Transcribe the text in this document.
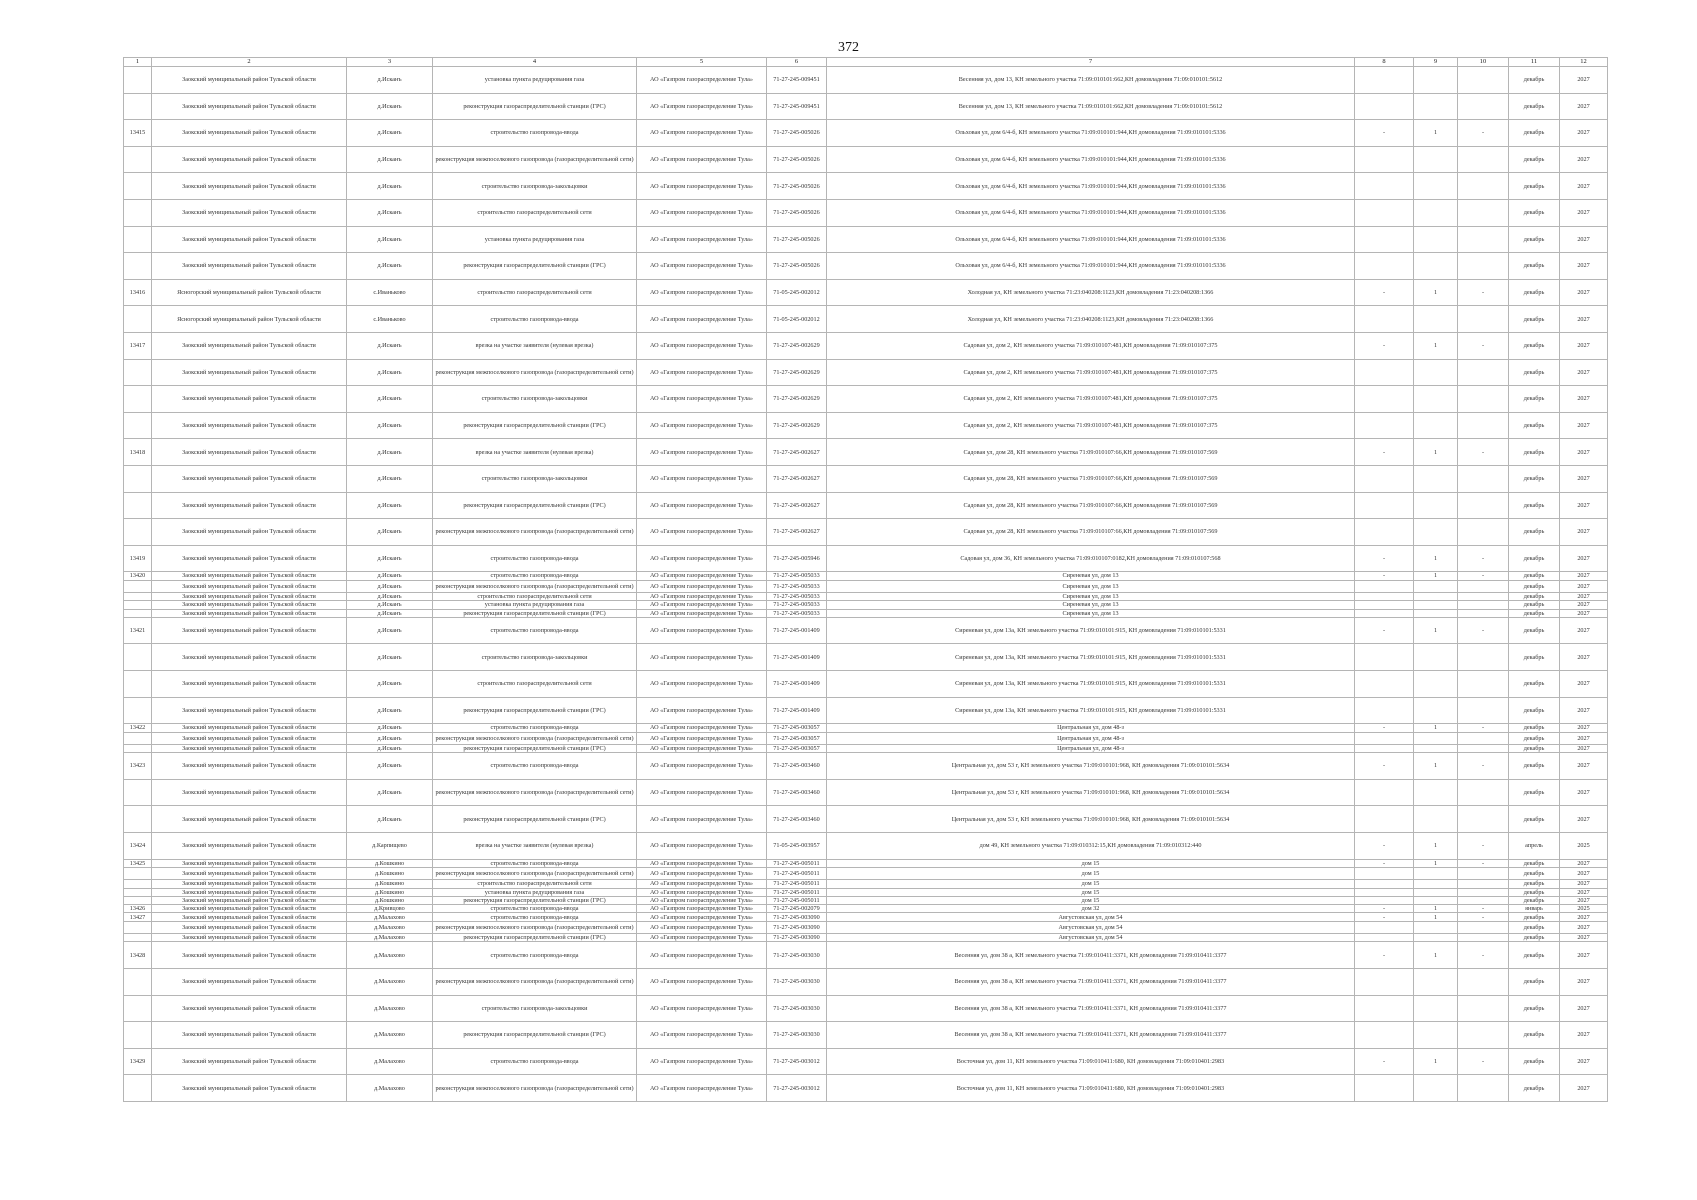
372
1	2	3	4	5	6	7	8	9	10	11	12
	Заокский муниципальный район Тульской области	д.Исканъ	установка пункта редуцирования газа	АО «Газпром газораспределение Тула»	71-27-245-009451	Весенняя ул, дом 13, КН земельного участка 71:09:010101:662,КН домовладения 71:09:010101:5612				декабрь	2027
	Заокский муниципальный район Тульской области	д.Исканъ	реконструкция газораспределительной станции (ГРС)	АО «Газпром газораспределение Тула»	71-27-245-009451	Весенняя ул, дом 13, КН земельного участка 71:09:010101:662,КН домовладения 71:09:010101:5612				декабрь	2027
13415	Заокский муниципальный район Тульской области	д.Исканъ	строительство газопровода-ввода	АО «Газпром газораспределение Тула»	71-27-245-005026	Ольховая ул, дом 6/4-б, КН земельного участка 71:09:010101:944,КН домовладения 71:09:010101:5336	-	1	-	декабрь	2027
	Заокский муниципальный район Тульской области	д.Исканъ	реконструкция межпоселкового газопровода (газораспределительной сети)	АО «Газпром газораспределение Тула»	71-27-245-005026	Ольховая ул, дом 6/4-б, КН земельного участка 71:09:010101:944,КН домовладения 71:09:010101:5336				декабрь	2027
	Заокский муниципальный район Тульской области	д.Исканъ	строительство газопровода-закольцовки	АО «Газпром газораспределение Тула»	71-27-245-005026	Ольховая ул, дом 6/4-б, КН земельного участка 71:09:010101:944,КН домовладения 71:09:010101:5336				декабрь	2027
	Заокский муниципальный район Тульской области	д.Исканъ	строительство газораспределительной сети	АО «Газпром газораспределение Тула»	71-27-245-005026	Ольховая ул, дом 6/4-б, КН земельного участка 71:09:010101:944,КН домовладения 71:09:010101:5336				декабрь	2027
	Заокский муниципальный район Тульской области	д.Исканъ	установка пункта редуцирования газа	АО «Газпром газораспределение Тула»	71-27-245-005026	Ольховая ул, дом 6/4-б, КН земельного участка 71:09:010101:944,КН домовладения 71:09:010101:5336				декабрь	2027
	Заокский муниципальный район Тульской области	д.Исканъ	реконструкция газораспределительной станции (ГРС)	АО «Газпром газораспределение Тула»	71-27-245-005026	Ольховая ул, дом 6/4-б, КН земельного участка 71:09:010101:944,КН домовладения 71:09:010101:5336				декабрь	2027
13416	Ясногорский муниципальный район Тульской области	с.Иваньково	строительство газораспределительной сети	АО «Газпром газораспределение Тула»	71-05-245-002012	Холодная ул, КН земельного участка 71:23:040208:1123,КН домовладения 71:23:040208:1366	-	1	-	декабрь	2027
	Ясногорский муниципальный район Тульской области	с.Иваньково	строительство газопровода-ввода	АО «Газпром газораспределение Тула»	71-05-245-002012	Холодная ул, КН земельного участка 71:23:040208:1123,КН домовладения 71:23:040208:1366				декабрь	2027
13417	Заокский муниципальный район Тульской области	д.Исканъ	врезка на участке заявителя (нулевая врезка)	АО «Газпром газораспределение Тула»	71-27-245-002629	Садовая ул, дом 2, КН земельного участка 71:09:010107:481,КН домовладения 71:09:010107:375	-	1	-	декабрь	2027
	Заокский муниципальный район Тульской области	д.Исканъ	реконструкция межпоселкового газопровода (газораспределительной сети)	АО «Газпром газораспределение Тула»	71-27-245-002629	Садовая ул, дом 2, КН земельного участка 71:09:010107:481,КН домовладения 71:09:010107:375				декабрь	2027
	Заокский муниципальный район Тульской области	д.Исканъ	строительство газопровода-закольцовки	АО «Газпром газораспределение Тула»	71-27-245-002629	Садовая ул, дом 2, КН земельного участка 71:09:010107:481,КН домовладения 71:09:010107:375				декабрь	2027
	Заокский муниципальный район Тульской области	д.Исканъ	реконструкция газораспределительной станции (ГРС)	АО «Газпром газораспределение Тула»	71-27-245-002629	Садовая ул, дом 2, КН земельного участка 71:09:010107:481,КН домовладения 71:09:010107:375				декабрь	2027
13418	Заокский муниципальный район Тульской области	д.Исканъ	врезка на участке заявителя (нулевая врезка)	АО «Газпром газораспределение Тула»	71-27-245-002627	Садовая ул, дом 28, КН земельного участка 71:09:010107:66,КН домовладения 71:09:010107:569	-	1	-	декабрь	2027
	Заокский муниципальный район Тульской области	д.Исканъ	строительство газопровода-закольцовки	АО «Газпром газораспределение Тула»	71-27-245-002627	Садовая ул, дом 28, КН земельного участка 71:09:010107:66,КН домовладения 71:09:010107:569				декабрь	2027
	Заокский муниципальный район Тульской области	д.Исканъ	реконструкция газораспределительной станции (ГРС)	АО «Газпром газораспределение Тула»	71-27-245-002627	Садовая ул, дом 28, КН земельного участка 71:09:010107:66,КН домовладения 71:09:010107:569				декабрь	2027
	Заокский муниципальный район Тульской области	д.Исканъ	реконструкция межпоселкового газопровода (газораспределительной сети)	АО «Газпром газораспределение Тула»	71-27-245-002627	Садовая ул, дом 28, КН земельного участка 71:09:010107:66,КН домовладения 71:09:010107:569				декабрь	2027
13419	Заокский муниципальный район Тульской области	д.Исканъ	строительство газопровода-ввода	АО «Газпром газораспределение Тула»	71-27-245-005946	Садовая ул, дом 36, КН земельного участка 71:09:010107:0182,КН домовладения 71:09:010107:568	-	1	-	декабрь	2027
13420	Заокский муниципальный район Тульской области	д.Исканъ	строительство газопровода-ввода	АО «Газпром газораспределение Тула»	71-27-245-005033	Сиреневая ул, дом 13	-	1	-	декабрь	2027
	Заокский муниципальный район Тульской области	д.Исканъ	реконструкция межпоселкового газопровода (газораспределительной сети)	АО «Газпром газораспределение Тула»	71-27-245-005033	Сиреневая ул, дом 13				декабрь	2027
	Заокский муниципальный район Тульской области	д.Исканъ	строительство газораспределительной сети	АО «Газпром газораспределение Тула»	71-27-245-005033	Сиреневая ул, дом 13				декабрь	2027
	Заокский муниципальный район Тульской области	д.Исканъ	установка пункта редуцирования газа	АО «Газпром газораспределение Тула»	71-27-245-005033	Сиреневая ул, дом 13				декабрь	2027
	Заокский муниципальный район Тульской области	д.Исканъ	реконструкция газораспределительной станции (ГРС)	АО «Газпром газораспределение Тула»	71-27-245-005033	Сиреневая ул, дом 13				декабрь	2027
13421	Заокский муниципальный район Тульской области	д.Исканъ	строительство газопровода-ввода	АО «Газпром газораспределение Тула»	71-27-245-001409	Сиреневая ул, дом 13а, КН земельного участка 71:09:010101:915, КН домовладения 71:09:010101:5331	-	1	-	декабрь	2027
	Заокский муниципальный район Тульской области	д.Исканъ	строительство газопровода-закольцовки	АО «Газпром газораспределение Тула»	71-27-245-001409	Сиреневая ул, дом 13а, КН земельного участка 71:09:010101:915, КН домовладения 71:09:010101:5331				декабрь	2027
	Заокский муниципальный район Тульской области	д.Исканъ	строительство газораспределительной сети	АО «Газпром газораспределение Тула»	71-27-245-001409	Сиреневая ул, дом 13а, КН земельного участка 71:09:010101:915, КН домовладения 71:09:010101:5331				декабрь	2027
	Заокский муниципальный район Тульской области	д.Исканъ	реконструкция газораспределительной станции (ГРС)	АО «Газпром газораспределение Тула»	71-27-245-001409	Сиреневая ул, дом 13а, КН земельного участка 71:09:010101:915, КН домовладения 71:09:010101:5331				декабрь	2027
13422	Заокский муниципальный район Тульской области	д.Исканъ	строительство газопровода-ввода	АО «Газпром газораспределение Тула»	71-27-245-003057	Центральная ул, дом 48-з	-	1	-	декабрь	2027
	Заокский муниципальный район Тульской области	д.Исканъ	реконструкция межпоселкового газопровода (газораспределительной сети)	АО «Газпром газораспределение Тула»	71-27-245-003057	Центральная ул, дом 48-з				декабрь	2027
	Заокский муниципальный район Тульской области	д.Исканъ	реконструкция газораспределительной станции (ГРС)	АО «Газпром газораспределение Тула»	71-27-245-003057	Центральная ул, дом 48-з				декабрь	2027
13423	Заокский муниципальный район Тульской области	д.Исканъ	строительство газопровода-ввода	АО «Газпром газораспределение Тула»	71-27-245-003460	Центральная ул, дом 53 г, КН земельного участка 71:09:010101:968, КН домовладения 71:09:010101:5634	-	1	-	декабрь	2027
	Заокский муниципальный район Тульской области	д.Исканъ	реконструкция межпоселкового газопровода (газораспределительной сети)	АО «Газпром газораспределение Тула»	71-27-245-003460	Центральная ул, дом 53 г, КН земельного участка 71:09:010101:968, КН домовладения 71:09:010101:5634				декабрь	2027
	Заокский муниципальный район Тульской области	д.Исканъ	реконструкция газораспределительной станции (ГРС)	АО «Газпром газораспределение Тула»	71-27-245-003460	Центральная ул, дом 53 г, КН земельного участка 71:09:010101:968, КН домовладения 71:09:010101:5634				декабрь	2027
13424	Заокский муниципальный район Тульской области	д.Карпищево	врезка на участке заявителя (нулевая врезка)	АО «Газпром газораспределение Тула»	71-05-245-003957	дом 49, КН земельного участка 71:09:010312:15,КН домовладения 71:09:010312:440	-	1	-	апрель	2025
13425	Заокский муниципальный район Тульской области	д.Кошкино	строительство газопровода-ввода	АО «Газпром газораспределение Тула»	71-27-245-005011	дом 15	-	1	-	декабрь	2027
	Заокский муниципальный район Тульской области	д.Кошкино	реконструкция межпоселкового газопровода (газораспределительной сети)	АО «Газпром газораспределение Тула»	71-27-245-005011	дом 15				декабрь	2027
	Заокский муниципальный район Тульской области	д.Кошкино	строительство газораспределительной сети	АО «Газпром газораспределение Тула»	71-27-245-005011	дом 15				декабрь	2027
	Заокский муниципальный район Тульской области	д.Кошкино	установка пункта редуцирования газа	АО «Газпром газораспределение Тула»	71-27-245-005011	дом 15				декабрь	2027
	Заокский муниципальный район Тульской области	д.Кошкино	реконструкция газораспределительной станции (ГРС)	АО «Газпром газораспределение Тула»	71-27-245-005011	дом 15				декабрь	2027
13426	Заокский муниципальный район Тульской области	д.Кривцово	строительство газопровода-ввода	АО «Газпром газораспределение Тула»	71-27-245-002079	дом 32	-	1	-	январь	2025
13427	Заокский муниципальный район Тульской области	д.Малахово	строительство газопровода-ввода	АО «Газпром газораспределение Тула»	71-27-245-003090	Августовская ул, дом 54	-	1	-	декабрь	2027
	Заокский муниципальный район Тульской области	д.Малахово	реконструкция межпоселкового газопровода (газораспределительной сети)	АО «Газпром газораспределение Тула»	71-27-245-003090	Августовская ул, дом 54				декабрь	2027
	Заокский муниципальный район Тульской области	д.Малахово	реконструкция газораспределительной станции (ГРС)	АО «Газпром газораспределение Тула»	71-27-245-003090	Августовская ул, дом 54				декабрь	2027
13428	Заокский муниципальный район Тульской области	д.Малахово	строительство газопровода-ввода	АО «Газпром газораспределение Тула»	71-27-245-003030	Весенняя ул, дом 38 а, КН земельного участка 71:09:010411:3371, КН домовладения 71:09:010411:3377	-	1	-	декабрь	2027
	Заокский муниципальный район Тульской области	д.Малахово	реконструкция межпоселкового газопровода (газораспределительной сети)	АО «Газпром газораспределение Тула»	71-27-245-003030	Весенняя ул, дом 38 а, КН земельного участка 71:09:010411:3371, КН домовладения 71:09:010411:3377				декабрь	2027
	Заокский муниципальный район Тульской области	д.Малахово	строительство газопровода-закольцовки	АО «Газпром газораспределение Тула»	71-27-245-003030	Весенняя ул, дом 38 а, КН земельного участка 71:09:010411:3371, КН домовладения 71:09:010411:3377				декабрь	2027
	Заокский муниципальный район Тульской области	д.Малахово	реконструкция газораспределительной станции (ГРС)	АО «Газпром газораспределение Тула»	71-27-245-003030	Весенняя ул, дом 38 а, КН земельного участка 71:09:010411:3371, КН домовладения 71:09:010411:3377				декабрь	2027
13429	Заокский муниципальный район Тульской области	д.Малахово	строительство газопровода-ввода	АО «Газпром газораспределение Тула»	71-27-245-003012	Восточная ул, дом 11, КН земельного участка 71:09:010411:680, КН домовладения 71:09:010401:2983	-	1	-	декабрь	2027
	Заокский муниципальный район Тульской области	д.Малахово	реконструкция межпоселкового газопровода (газораспределительной сети)	АО «Газпром газораспределение Тула»	71-27-245-003012	Восточная ул, дом 11, КН земельного участка 71:09:010411:680, КН домовладения 71:09:010401:2983				декабрь	2027
